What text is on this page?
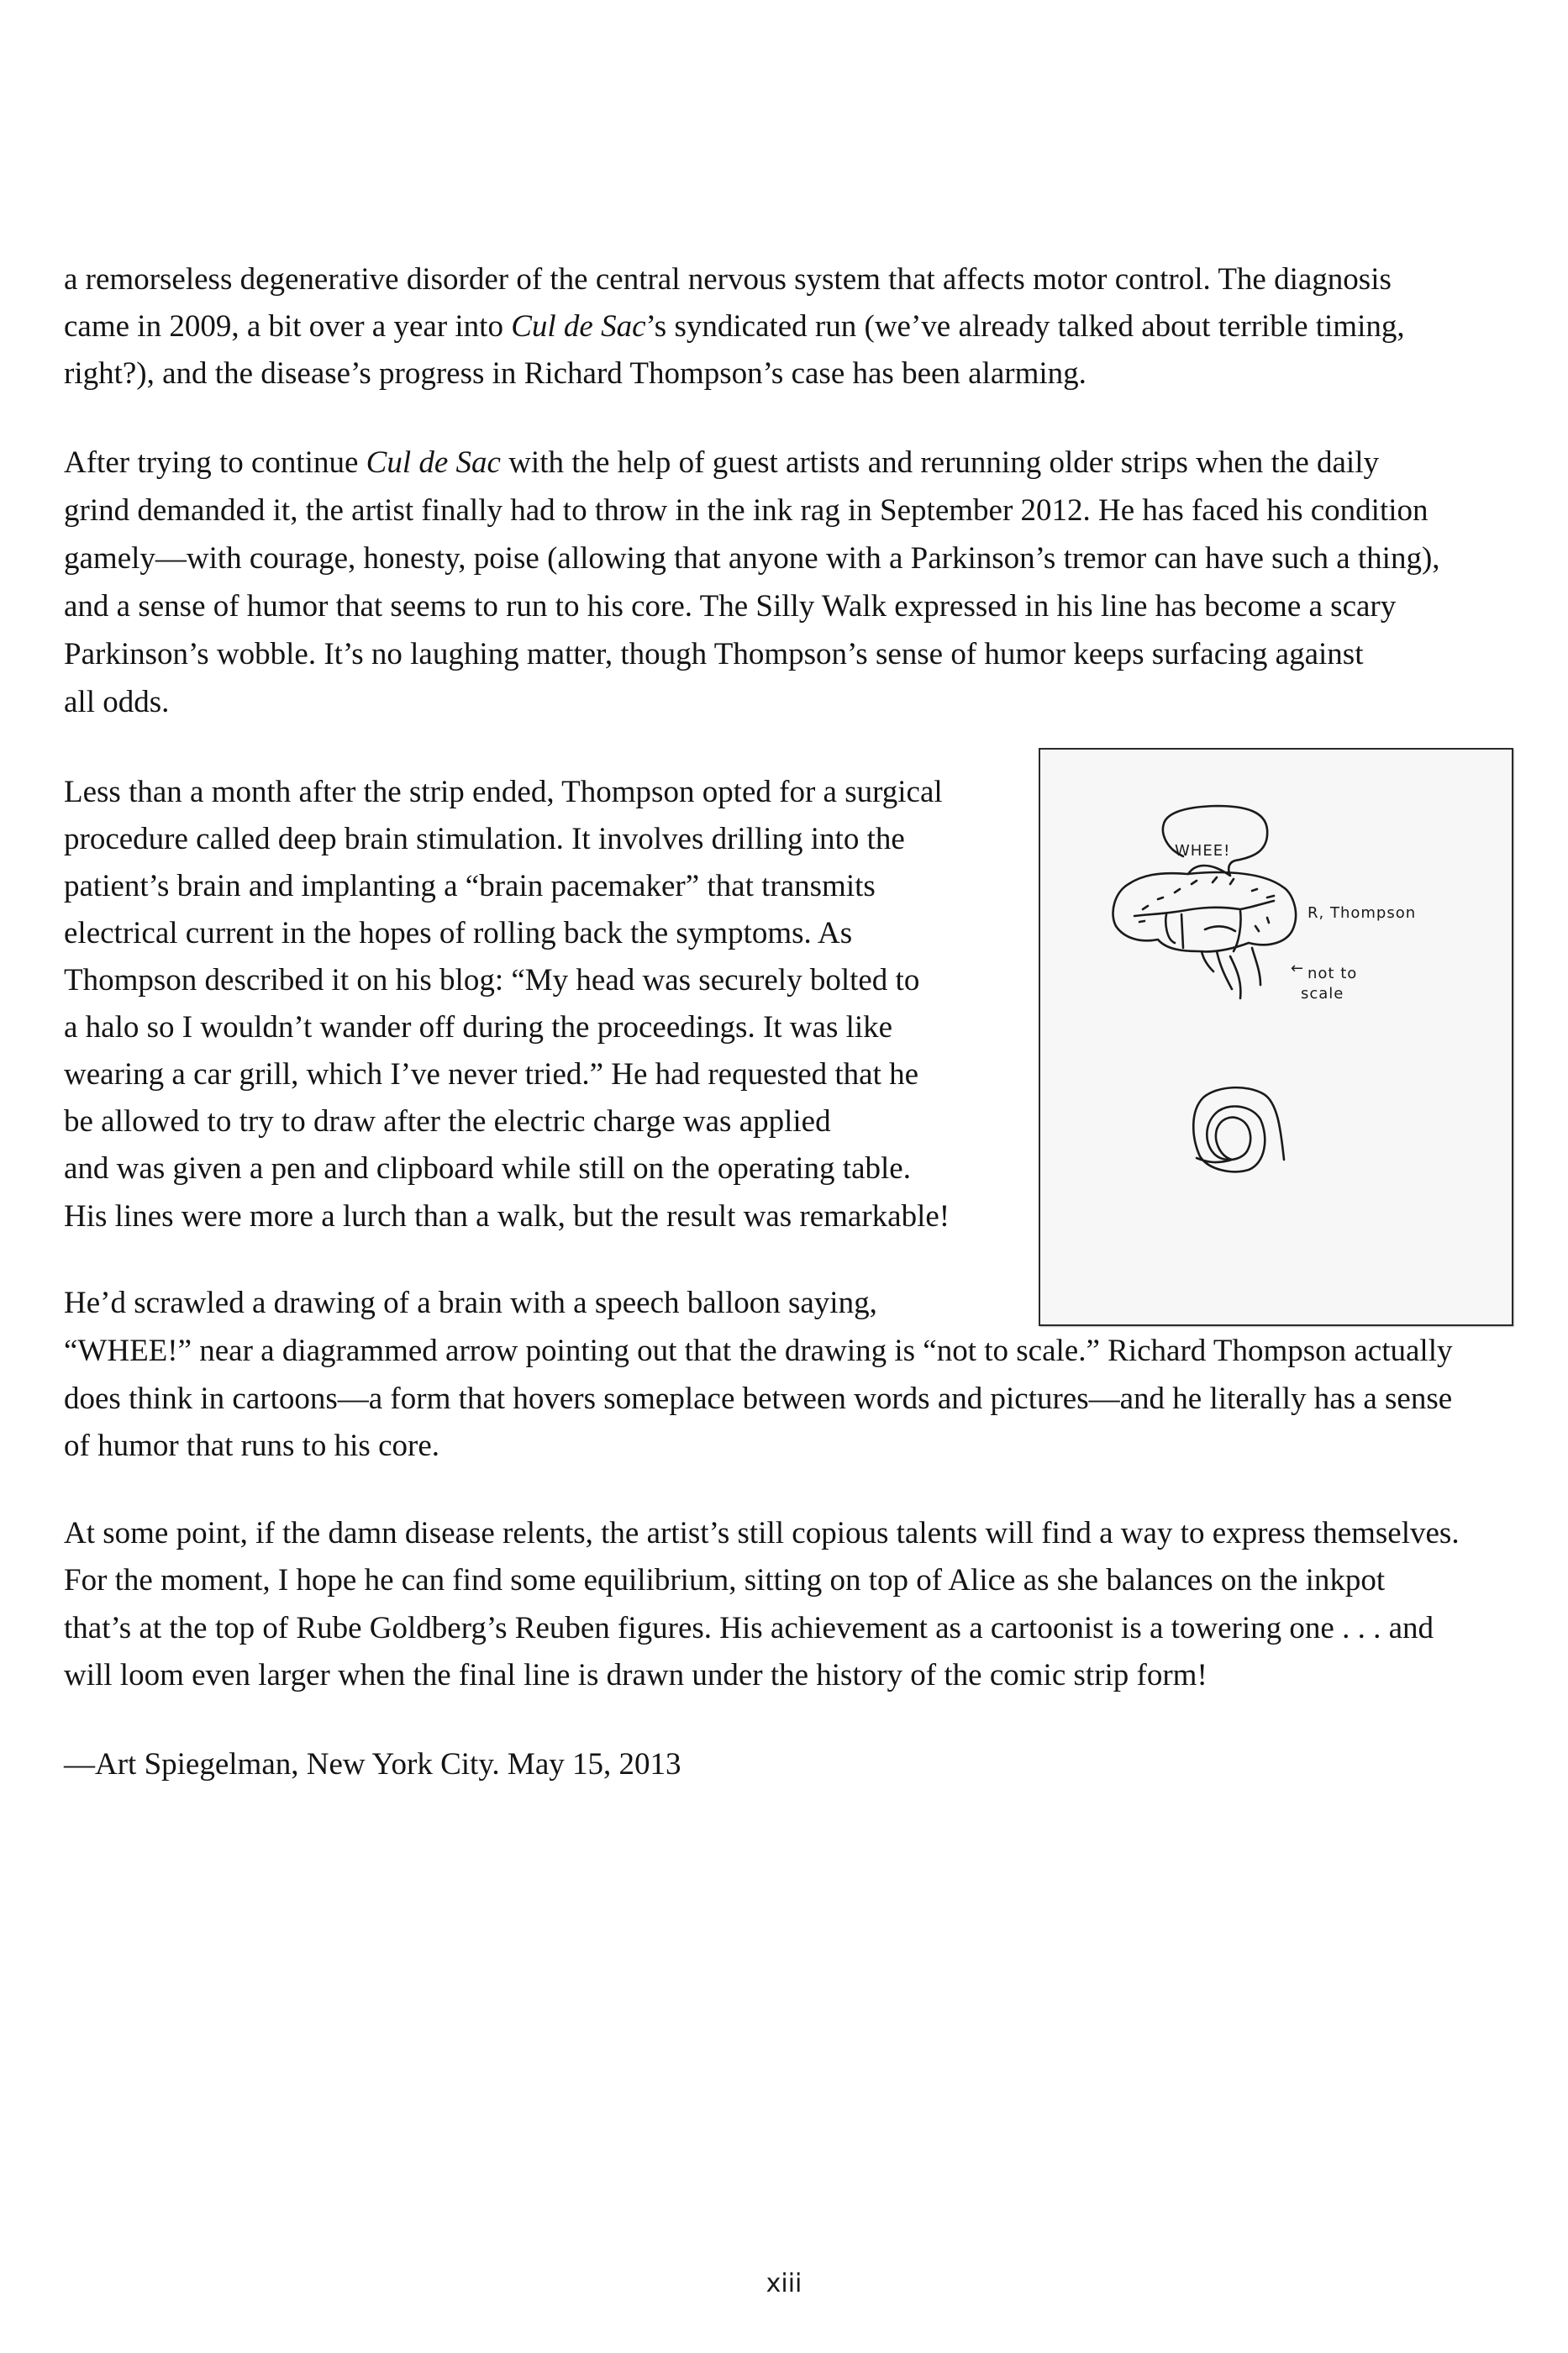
a remorseless degenerative disorder of the central nervous system that affects motor control. The diagnosis
came in 2009, a bit over a year into Cul de Sac’s syndicated run (we’ve already talked about terrible timing,
right?), and the disease’s progress in Richard Thompson’s case has been alarming.
After trying to continue Cul de Sac with the help of guest artists and rerunning older strips when the daily
grind demanded it, the artist finally had to throw in the ink rag in September 2012. He has faced his condition
gamely—with courage, honesty, poise (allowing that anyone with a Parkinson’s tremor can have such a thing),
and a sense of humor that seems to run to his core. The Silly Walk expressed in his line has become a scary
Parkinson’s wobble. It’s no laughing matter, though Thompson’s sense of humor keeps surfacing against
all odds.
Less than a month after the strip ended, Thompson opted for a surgical
procedure called deep brain stimulation. It involves drilling into the
patient’s brain and implanting a “brain pacemaker” that transmits
electrical current in the hopes of rolling back the symptoms. As
Thompson described it on his blog: “My head was securely bolted to
a halo so I wouldn’t wander off during the proceedings. It was like
wearing a car grill, which I’ve never tried.” He had requested that he
be allowed to try to draw after the electric charge was applied
and was given a pen and clipboard while still on the operating table.
His lines were more a lurch than a walk, but the result was remarkable!
He’d scrawled a drawing of a brain with a speech balloon saying,
“WHEE!” near a diagrammed arrow pointing out that the drawing is “not to scale.” Richard Thompson actually
does think in cartoons—a form that hovers someplace between words and pictures—and he literally has a sense
of humor that runs to his core.
At some point, if the damn disease relents, the artist’s still copious talents will find a way to express themselves.
For the moment, I hope he can find some equilibrium, sitting on top of Alice as she balances on the inkpot
that’s at the top of Rube Goldberg’s Reuben figures. His achievement as a cartoonist is a towering one . . . and
will loom even larger when the final line is drawn under the history of the comic strip form!
—Art Spiegelman, New York City. May 15, 2013
WHEE!
R, Thompson
← not to
scale
xiii
